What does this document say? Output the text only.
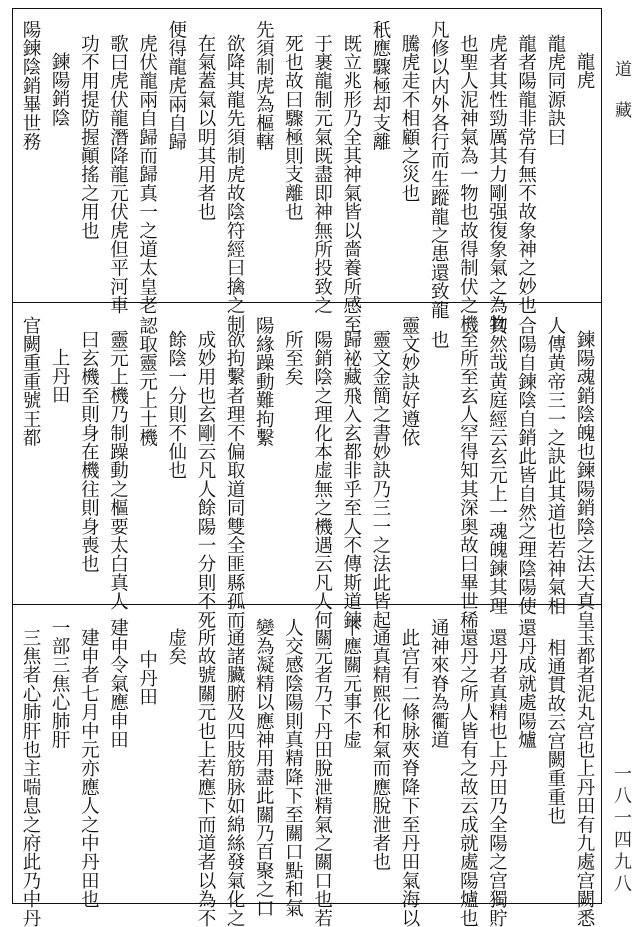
龍虎
龍虎同源訣曰
龍者陽龍非常有無不故象神之妙也
虎者其性勁厲其力剛强復象氣之為物
也聖人泥神氣為一物也故得制伏之機
凡修以内外各行而生蹤龍之患還致龍
騰虎走不相顧之災也
秖應驟極却支離
既立兆形乃全其神氣皆以嗇養所感至
于裹龍制元氣既盡即神無所投致之
死也故曰驟極則支離也
先須制虎為樞轄
欲降其龍先須制虎故陰符經曰擒之制
在氣蓋氣以明其用者也
便得龍虎兩自歸
虎伏龍兩自歸而歸真一之道太皇老
歌曰虎伏龍潛降龍元伏虎但平河車
功不用提防握顚搖之用也
鍊陽銷陰
陽鍊陰銷畢世務
鍊陽魂銷陰魄也鍊陽銷陰之法天真皇
人傳黄帝三一之訣此其道也若神氣相
合陽自鍊陰自銷此皆自然之理陰陽使
其然哉黄庭經云玄元上一魂魄鍊其理
至所至玄人罕得知其深奥故曰畢世稀
也
靈文妙訣好遵依
靈文金簡之書妙訣乃三一之法此皆起
歸祕藏飛入玄都非乎至人不傳斯道鍊
陽銷陰之理化本虚無之機遇云凡人何
所至矣
陽緣躁動難拘繫
欲拘繫者理不偏取道同雙全匪縣孤而
成妙用也玄剛云凡人餘陽一分則不死
餘陰一分則不仙也
認取靈元上土機
靈元上機乃制躁動之樞要太白真人
曰玄機至則身在機往則身喪也
上丹田
官闕重重號王都
玉都者泥丸宫也上丹田有九處宫闕悉
相通貫故云宫闕重重也
還丹成就處陽爐
還丹者真精也上丹田乃全陽之宫獨貯
還丹之所人皆有之故云成就處陽爐也
通神來脊為衢道
此宫有二條脉夾脊降下至丹田氣海以
通真精熙化和氣而應脫泄者也
下應關元事不虚
關元者乃下丹田脫泄精氣之關口也若
人交感陰陽則真精降下至關口點和氣
變為凝精以應神用盡此關乃百聚之口
通諸臟腑及四肢筋脉如綿絲發氣化之
所故號關元也上若應下而道者以為不
虚矣
中丹田
建申令氣應申田
建申者七月中元亦應人之中丹田也
一部三焦心肺肝
三焦者心肺肝也主喘息之府此乃中丹
道 藏
一八一四九八
